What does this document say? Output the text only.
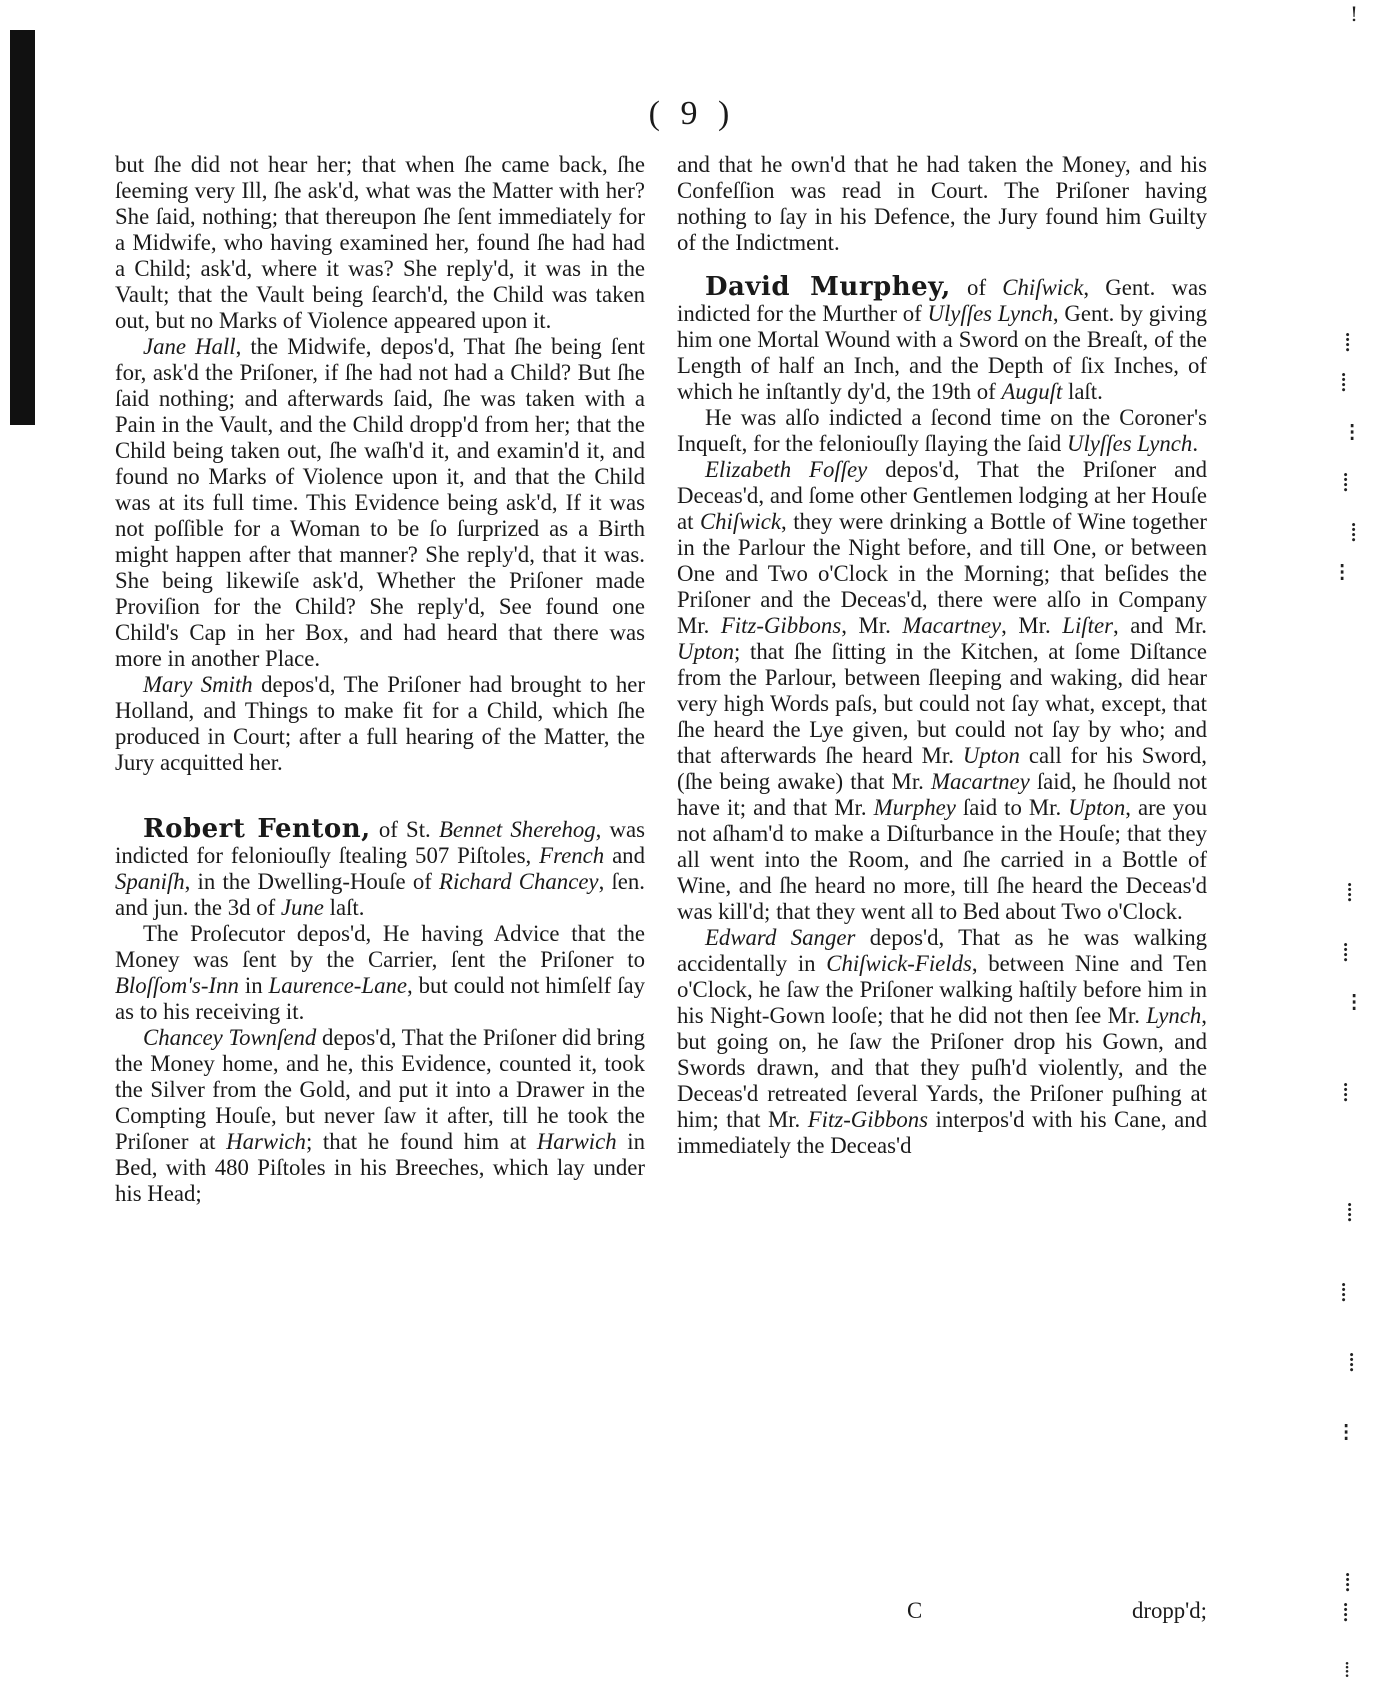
!
⁞
⁞
⁝
⁞
⁞
⁝
⁞
⁞
⁝
⁞
⁞
⁞
⁞
⁝
⁞
⁞
⁞
( 9 )

but ſhe did not hear her; that when ſhe came back, ſhe ſeeming very Ill, ſhe ask'd, what was the Matter with her? She ſaid, nothing; that thereupon ſhe ſent immediately for a Midwife, who having examined her, found ſhe had had a Child; ask'd, where it was? She reply'd, it was in the Vault; that the Vault being ſearch'd, the Child was taken out, but no Marks of Violence appeared upon it.

Jane Hall, the Midwife, depos'd, That ſhe being ſent for, ask'd the Priſoner, if ſhe had not had a Child? But ſhe ſaid nothing; and afterwards ſaid, ſhe was taken with a Pain in the Vault, and the Child dropp'd from her; that the Child being taken out, ſhe waſh'd it, and examin'd it, and found no Marks of Violence upon it, and that the Child was at its full time. This Evidence being ask'd, If it was not poſſible for a Woman to be ſo ſurprized as a Birth might happen after that manner? She reply'd, that it was. She being likewiſe ask'd, Whether the Priſoner made Proviſion for the Child? She reply'd, See found one Child's Cap in her Box, and had heard that there was more in another Place.

Mary Smith depos'd, The Priſoner had brought to her Holland, and Things to make fit for a Child, which ſhe produced in Court; after a full hearing of the Matter, the Jury acquitted her.

Robert Fenton, of St. Bennet Sherehog, was indicted for feloniouſly ſtealing 507 Piſtoles, French and Spaniſh, in the Dwelling-Houſe of Richard Chancey, ſen. and jun. the 3d of June laſt.

The Proſecutor depos'd, He having Advice that the Money was ſent by the Carrier, ſent the Priſoner to Bloſſom's-Inn in Laurence-Lane, but could not himſelf ſay as to his receiving it.

Chancey Townſend depos'd, That the Priſoner did bring the Money home, and he, this Evidence, counted it, took the Silver from the Gold, and put it into a Drawer in the Compting Houſe, but never ſaw it after, till he took the Priſoner at Harwich; that he found him at Harwich in Bed, with 480 Piſtoles in his Breeches, which lay under his Head;

and that he own'd that he had taken the Money, and his Confeſſion was read in Court. The Priſoner having nothing to ſay in his Defence, the Jury found him Guilty of the Indictment.

David Murphey, of Chiſwick, Gent. was indicted for the Murther of Ulyſſes Lynch, Gent. by giving him one Mortal Wound with a Sword on the Breaſt, of the Length of half an Inch, and the Depth of ſix Inches, of which he inſtantly dy'd, the 19th of Auguſt laſt.

He was alſo indicted a ſecond time on the Coroner's Inqueſt, for the feloniouſly ſlaying the ſaid Ulyſſes Lynch.

Elizabeth Foſſey depos'd, That the Priſoner and Deceas'd, and ſome other Gentlemen lodging at her Houſe at Chiſwick, they were drinking a Bottle of Wine together in the Parlour the Night before, and till One, or between One and Two o'Clock in the Morning; that beſides the Priſoner and the Deceas'd, there were alſo in Company Mr. Fitz-Gibbons, Mr. Macartney, Mr. Liſter, and Mr. Upton; that ſhe ſitting in the Kitchen, at ſome Diſtance from the Parlour, between ſleeping and waking, did hear very high Words paſs, but could not ſay what, except, that ſhe heard the Lye given, but could not ſay by who; and that afterwards ſhe heard Mr. Upton call for his Sword, (ſhe being awake) that Mr. Macartney ſaid, he ſhould not have it; and that Mr. Murphey ſaid to Mr. Upton, are you not aſham'd to make a Diſturbance in the Houſe; that they all went into the Room, and ſhe carried in a Bottle of Wine, and ſhe heard no more, till ſhe heard the Deceas'd was kill'd; that they went all to Bed about Two o'Clock.

Edward Sanger depos'd, That as he was walking accidentally in Chiſwick-Fields, between Nine and Ten o'Clock, he ſaw the Priſoner walking haſtily before him in his Night-Gown looſe; that he did not then ſee Mr. Lynch, but going on, he ſaw the Priſoner drop his Gown, and Swords drawn, and that they puſh'd violently, and the Deceas'd retreated ſeveral Yards, the Priſoner puſhing at him; that Mr. Fitz-Gibbons interpos'd with his Cane, and immediately the Deceas'd

C	dropp'd;
